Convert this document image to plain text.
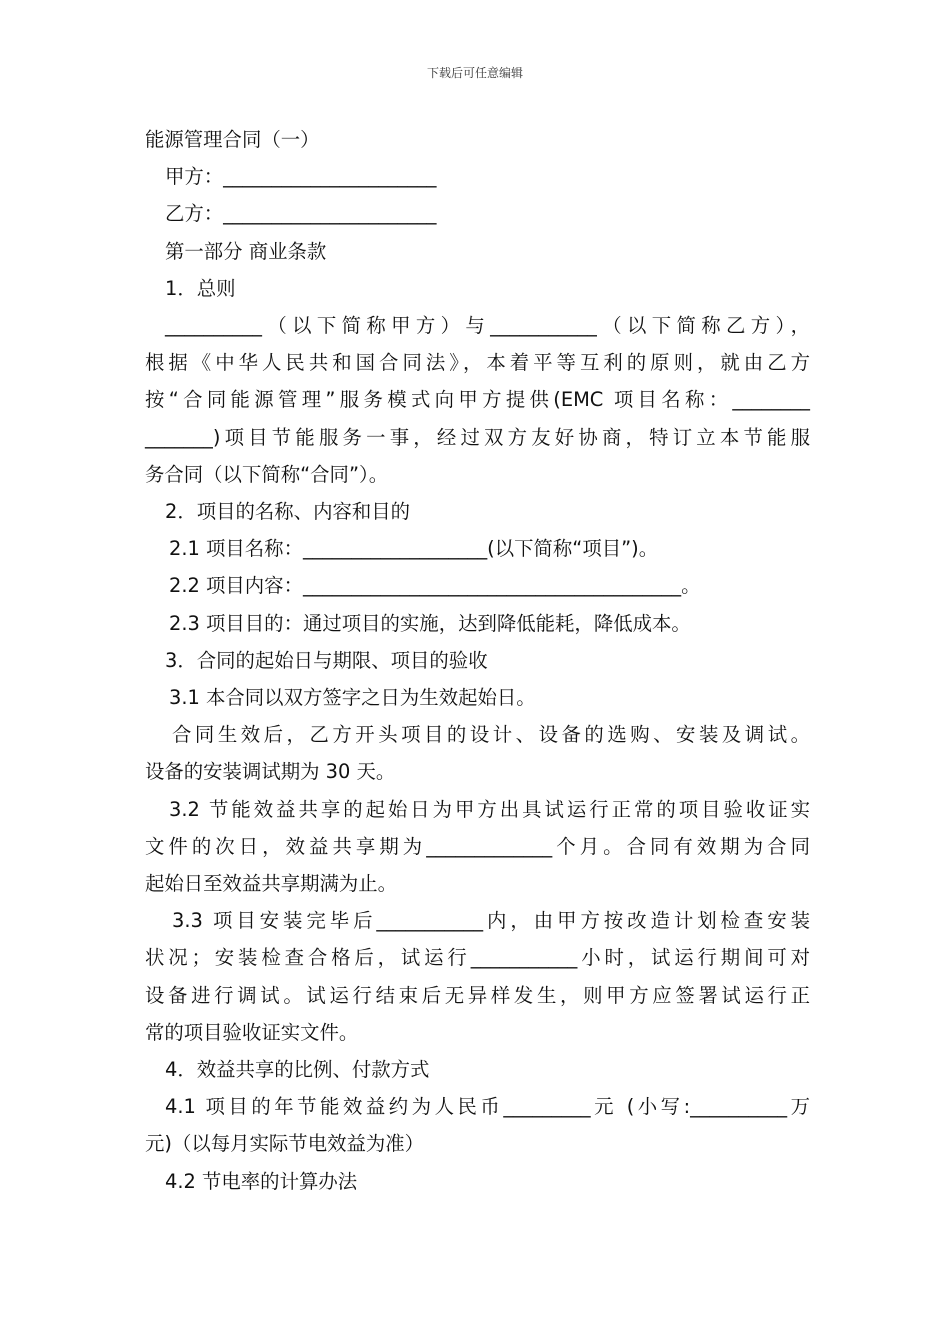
下载后可任意编辑

能源管理合同（一）

甲方：______________________

乙方：______________________

第一部分 商业条款

1．总则

__________（以下简称甲方）与___________（以下简称乙方），

根据《中华人民共和国合同法》，本着平等互利的原则，就由乙方

按“合同能源管理”服务模式向甲方提供(EMC 项目名称：________

_______)项目节能服务一事，经过双方友好协商，特订立本节能服

务合同（以下简称“合同”）。

2．项目的名称、内容和目的

2.1 项目名称：___________________(以下简称“项目”)。

2.2 项目内容：_______________________________________。

2.3 项目目的：通过项目的实施，达到降低能耗，降低成本。

3．合同的起始日与期限、项目的验收

3.1 本合同以双方签字之日为生效起始日。

合同生效后，乙方开头项目的设计、设备的选购、安装及调试。

设备的安装调试期为 30 天。

3.2 节能效益共享的起始日为甲方出具试运行正常的项目验收证实

文件的次日，效益共享期为_____________个月。合同有效期为合同

起始日至效益共享期满为止。

3.3 项目安装完毕后___________内，由甲方按改造计划检查安装

状况；安装检查合格后，试运行___________小时，试运行期间可对

设备进行调试。试运行结束后无异样发生，则甲方应签署试运行正

常的项目验收证实文件。

4．效益共享的比例、付款方式

4.1 项目的年节能效益约为人民币_________元 (小写:__________万

元)（以每月实际节电效益为准）

4.2 节电率的计算办法
